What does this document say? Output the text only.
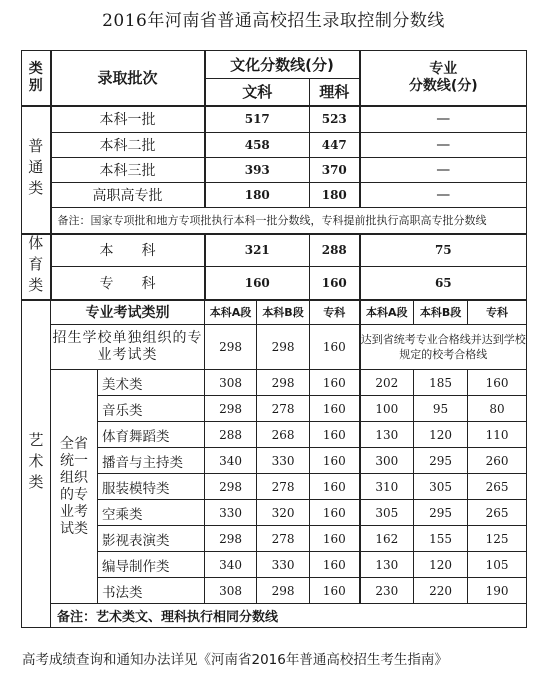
2016年河南省普通高校招生录取控制分数线
类
别	录取批次		文化分数线(分)			专业
分数线(分)		

			文科		理科			

普通类	本科一批		517		523	—		
	本科二批		458		447	—		
	本科三批		393		370	—		
	高职高专批		180		180	—		
	备注：国家专项批和地方专项批执行本科一批分数线，专科提前批执行高职高专批分数线							

体育类	本　　科		321		288	75		
	专　　科		160		160	65		

艺术类	专业考试类别		本科A段	本科B段	专科	本科A段	本科B段	专科
	招生学校单独组织的专业考试类		298	298	160	达到省统考专业合格线并达到学校规定的校考合格线		
	全省统一组织的专业考试类	美术类	308	298	160	202	185	160
		音乐类	298	278	160	100	95	80
		体育舞蹈类	288	268	160	130	120	110
		播音与主持类	340	330	160	300	295	260
		服装模特类	298	278	160	310	305	265
		空乘类	330	320	160	305	295	265
		影视表演类	298	278	160	162	155	125
		编导制作类	340	330	160	130	120	105
		书法类	308	298	160	230	220	190
	备注：艺术类文、理科执行相同分数线							
高考成绩查询和通知办法详见《河南省2016年普通高校招生考生指南》
